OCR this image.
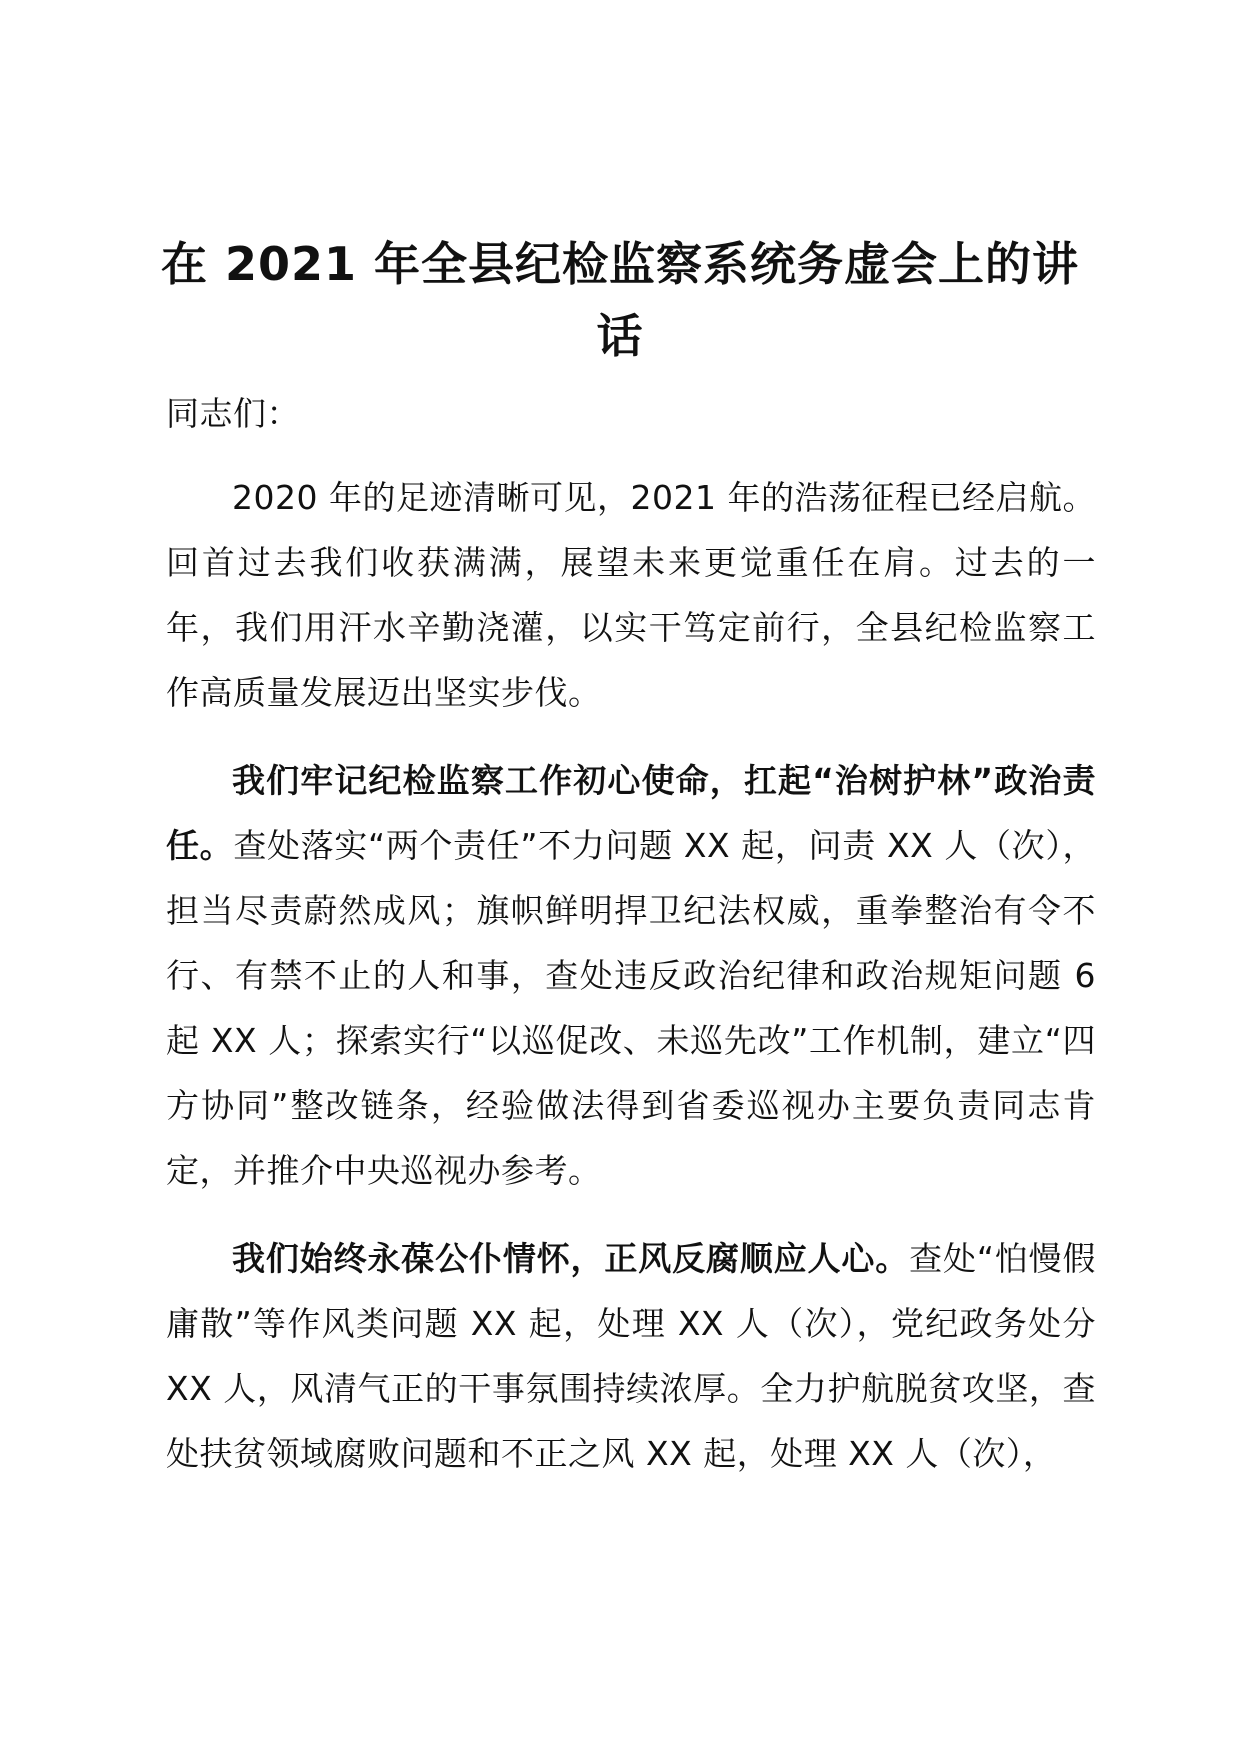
在 2021 年全县纪检监察系统务虚会上的讲话

同志们：

2020 年的足迹清晰可见，2021 年的浩荡征程已经启航。回首过去我们收获满满，展望未来更觉重任在肩。过去的一年，我们用汗水辛勤浇灌，以实干笃定前行，全县纪检监察工作高质量发展迈出坚实步伐。

我们牢记纪检监察工作初心使命，扛起“治树护林”政治责任。查处落实“两个责任”不力问题 XX 起，问责 XX 人（次），担当尽责蔚然成风；旗帜鲜明捍卫纪法权威，重拳整治有令不行、有禁不止的人和事，查处违反政治纪律和政治规矩问题 6 起 XX 人；探索实行“以巡促改、未巡先改”工作机制，建立“四方协同”整改链条，经验做法得到省委巡视办主要负责同志肯定，并推介中央巡视办参考。

我们始终永葆公仆情怀，正风反腐顺应人心。查处“怕慢假庸散”等作风类问题 XX 起，处理 XX 人（次），党纪政务处分 XX 人，风清气正的干事氛围持续浓厚。全力护航脱贫攻坚，查处扶贫领域腐败问题和不正之风 XX 起，处理 XX 人（次），
